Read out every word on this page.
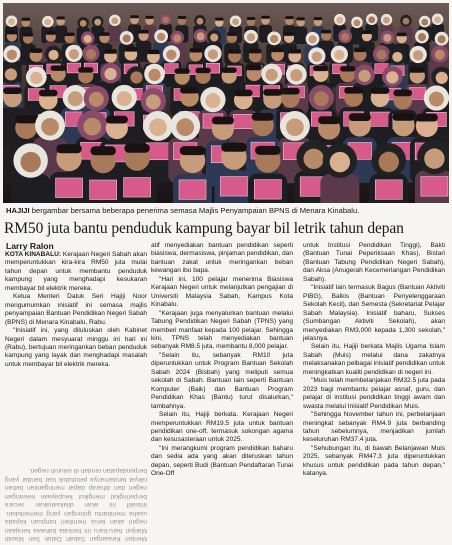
HAJIJI bergambar bersama beberapa penerima semasa Majlis Penyampaian BPNS di Menara Kinabalu.
RM50 juta bantu penduduk kampung bayar bil letrik tahun depan
Larry Ralon

KOTA KINABALU: Kerajaan Negeri Sabah akan memperuntukkan kira-kira RM50 juta mulai tahun depan untuk membantu penduduk kampung yang menghadapi kesukaran membayar bil elektrik mereka.

Ketua Menteri Datuk Seri Hajiji Noor mengumumkan inisiatif ini semasa majlis penyampaian Bantuan Pendidikan Negeri Sabah (BPNS) di Menara Kinabalu, Rabu.

"Inisiatif ini, yang diluluskan oleh Kabinet Negeri dalam mesyuarat minggu ini hari ini (Rabu), bertujuan meringankan beban penduduk kampung yang layak dan menghadapi masalah untuk membayar bil elektrik mereka.

Menteri Kewangan Sabah Datuk Seri Masidi Manjun baru-baru ini berkata bahawa kerajaan negeri akan terus memberi tumpuan kepada usaha membantu golongan yang memerlukan. Inisiatif ini akan dilaksanakan secara berperingkat mengikut keupayaan kewangan negeri dan diharap dapat meringankan beban rakyat terutamanya penduduk luar bandar yang berpendapatan rendah di seluruh negeri.

atif menyediakan bantuan pendidikan seperti biasiswa, dermasiswa, pinjaman pendidikan, dan bantuan zakat untuk meringankan beban kewangan ibu bapa.

"Hari ini, 100 pelajar menerima Biasiswa Kerajaan Negeri untuk melanjutkan pengajian di Universiti Malaysia Sabah, Kampus Kota Kinabalu.

"Kerajaan juga menyalurkan bantuan melalui Tabung Pendidikan Negeri Sabah (TPNS) yang memberi manfaat kepada 100 pelajar. Sehingga kini, TPNS telah menyediakan bantuan sebanyak RM8.5 juta, membantu 8,000 pelajar.

"Selain itu, sebanyak RM10 juta diperuntukkan untuk Program Bantuan Sekolah Sabah 2024 (Bisbah) yang meliputi semua sekolah di Sabah. Bantuan lain seperti Bantuan Komputer (Baik) dan Bantuan Program Pendidikan Khas (Bantu) turut disalurkan," tambahnya.

Selain itu, Hajiji berkata. Kerajaan Negeri memperuntukkan RM19.5 juta untuk bantuan pendidikan one-off, termasuk sokongan agama dan kesusasteraan untuk 2025.

"Ini merangkumi program pendidikan baharu dan sedia ada yang akan diteruskan tahun depan, seperti Budi (Bantuan Pendaftaran Tunai One-Off

untuk Institusi Pendidikan Tinggi), Bakti (Bantuan Tunai Peperiksaan Khas), Bistari (Bantuan Tabung Pendidikan Negeri Sabah), dan Aksa (Anugerah Kecemerlangan Pendidikan Sabah).

"Inisiatif lain termasuk Bagus (Bantuan Aktiviti PIBG), Balkis (Bantuan Penyelenggaraan Sekolah Kecil), dan Semesta (Sekretariat Pelajar Sabah Malaysia). Inisiatif baharu, Sukses (Sumbangan Aktiviti Sekolah), akan menyediakan RM3,000 kepada 1,300 sekolah," jelasnya.

Selain itu, Hajiji berkata Majlis Ugama Islam Sabah (Muis) melalui dana zakatnya melaksanakan pelbagai inisiatif pendidikan untuk meningkatkan kualiti pendidikan di negeri ini.

"Muis telah membelanjakan RM32.5 juta pada 2023 bagi membantu pelajar asnaf, guru, dan pelajar di institusi pendidikan tinggi awam dan swasta melalui Inisiatif Pendidikan Muis.

"Sehingga November tahun ini, perbelanjaan meningkat sebanyak RM4.9 juta berbanding tahun sebelumnya, menjadikan jumlah keseluruhan RM37.4 juta.

"Sehubungan itu, di bawah Belanjawan Muis 2025, sebanyak RM47.3 juta diperuntukkan khusus untuk pendidikan pada tahun depan," katanya.
